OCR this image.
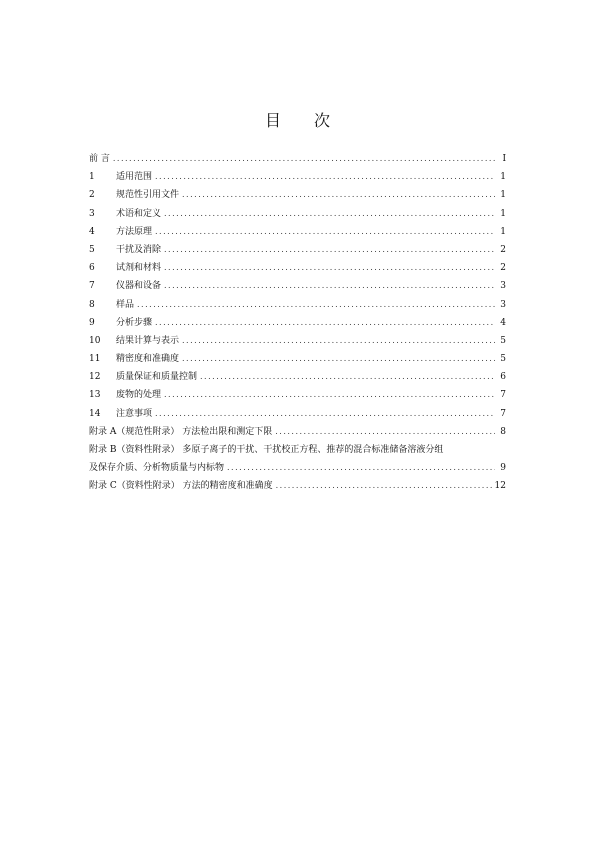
目 次
前 言 .....	I
1	适用范围 .....	1
2	规范性引用文件 .....	1
3	术语和定义 .....	1
4	方法原理 .....	1
5	干扰及消除 .....	2
6	试剂和材料 .....	2
7	仪器和设备 .....	3
8	样品 .....	3
9	分析步骤 .....	4
10	结果计算与表示 .....	5
11	精密度和准确度 .....	5
12	质量保证和质量控制 .....	6
13	废物的处理 .....	7
14	注意事项 .....	7
附录 A（规范性附录） 方法检出限和测定下限 .....	8
附录 B（资料性附录） 多原子离子的干扰、干扰校正方程、推荐的混合标准储备溶液分组
及保存介质、分析物质量与内标物 .....	9
附录 C（资料性附录） 方法的精密度和准确度 .....	12
